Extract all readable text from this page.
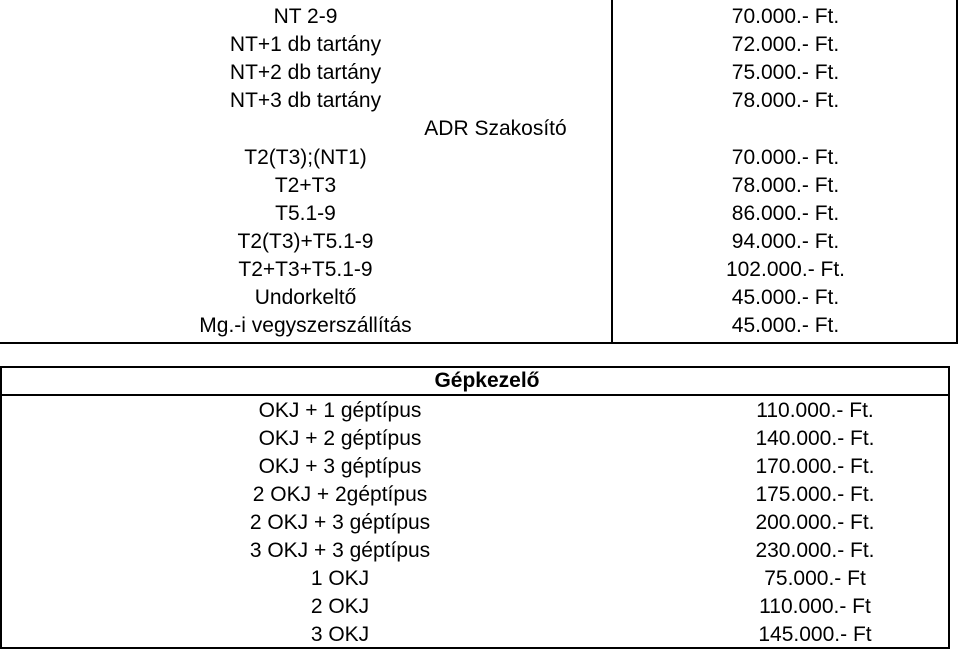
NT 2-9	70.000.- Ft.
NT+1 db tartány	72.000.- Ft.
NT+2 db tartány	75.000.- Ft.
NT+3 db tartány	78.000.- Ft.
ADR Szakosító
T2(T3);(NT1)	70.000.- Ft.
T2+T3	78.000.- Ft.
T5.1-9	86.000.- Ft.
T2(T3)+T5.1-9	94.000.- Ft.
T2+T3+T5.1-9	102.000.- Ft.
Undorkeltő	45.000.- Ft.
Mg.-i vegyszerszállítás	45.000.- Ft.
Gépkezelő
OKJ + 1 géptípus	110.000.- Ft.
OKJ + 2 géptípus	140.000.- Ft.
OKJ + 3 géptípus	170.000.- Ft.
2 OKJ + 2géptípus	175.000.- Ft.
2 OKJ + 3 géptípus	200.000.- Ft.
3 OKJ + 3 géptípus	230.000.- Ft.
1 OKJ	75.000.- Ft
2 OKJ	110.000.- Ft
3 OKJ	145.000.- Ft
